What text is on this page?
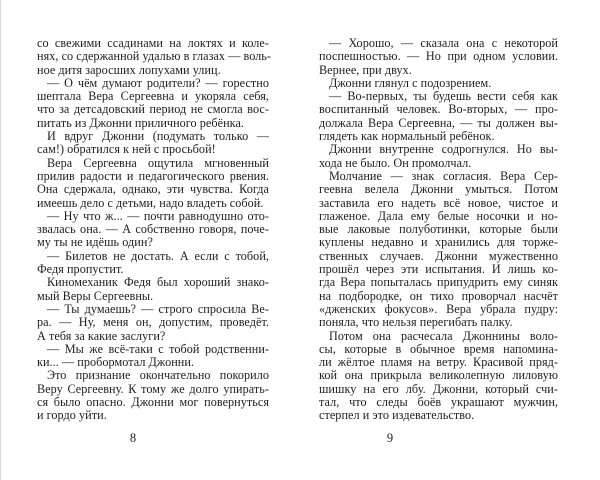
со свежими ссадинами на локтях и коле-
нях, со сдержанной удалью в глазах — воль-
ное дитя заросших лопухами улиц.
— О чём думают родители? — горестно
шептала Вера Сергеевна и укоряла себя,
что за детсадовский период не смогла вос-
питать из Джонни приличного ребёнка.
И вдруг Джонни (подумать только —
сам!) обратился к ней с просьбой!
Вера Сергеевна ощутила мгновенный
прилив радости и педагогического рвения.
Она сдержала, однако, эти чувства. Когда
имеешь дело с детьми, надо владеть собой.
— Ну что ж... — почти равнодушно ото-
звалась она. — А собственно говоря, поче-
му ты не идёшь один?
— Билетов не достать. А если с тобой,
Федя пропустит.
Киномеханик Федя был хороший знако-
мый Веры Сергеевны.
— Ты думаешь? — строго спросила Ве-
ра. — Ну, меня он, допустим, проведёт.
А тебя за какие заслуги?
— Мы же всё-таки с тобой родственни-
ки... — пробормотал Джонни.
Это признание окончательно покорило
Веру Сергеевну. К тому же долго упирать-
ся было опасно. Джонни мог повернуться
и гордо уйти.
— Хорошо, — сказала она с некоторой
поспешностью. — Но при одном условии.
Вернее, при двух.
Джонни глянул с подозрением.
— Во-первых, ты будешь вести себя как
воспитанный человек. Во-вторых, — про-
должала Вера Сергеевна, — ты должен вы-
глядеть как нормальный ребёнок.
Джонни внутренне содрогнулся. Но вы-
хода не было. Он промолчал.
Молчание — знак согласия. Вера Сер-
геевна велела Джонни умыться. Потом
заставила его надеть всё новое, чистое и
глаженое. Дала ему белые носочки и но-
вые лаковые полуботинки, которые были
куплены недавно и хранились для торже-
ственных случаев. Джонни мужественно
прошёл через эти испытания. И лишь ко-
гда Вера попыталась припудрить ему синяк
на подбородке, он тихо проворчал насчёт
«дженских фокусов». Вера убрала пудру:
поняла, что нельзя перегибать палку.
Потом она расчесала Джоннины воло-
сы, которые в обычное время напомина-
ли жёлтое пламя на ветру. Красивой пряд-
кой она прикрыла великолепную лиловую
шишку на его лбу. Джонни, который счи-
тал, что следы боёв украшают мужчин,
стерпел и это издевательство.
8	9
